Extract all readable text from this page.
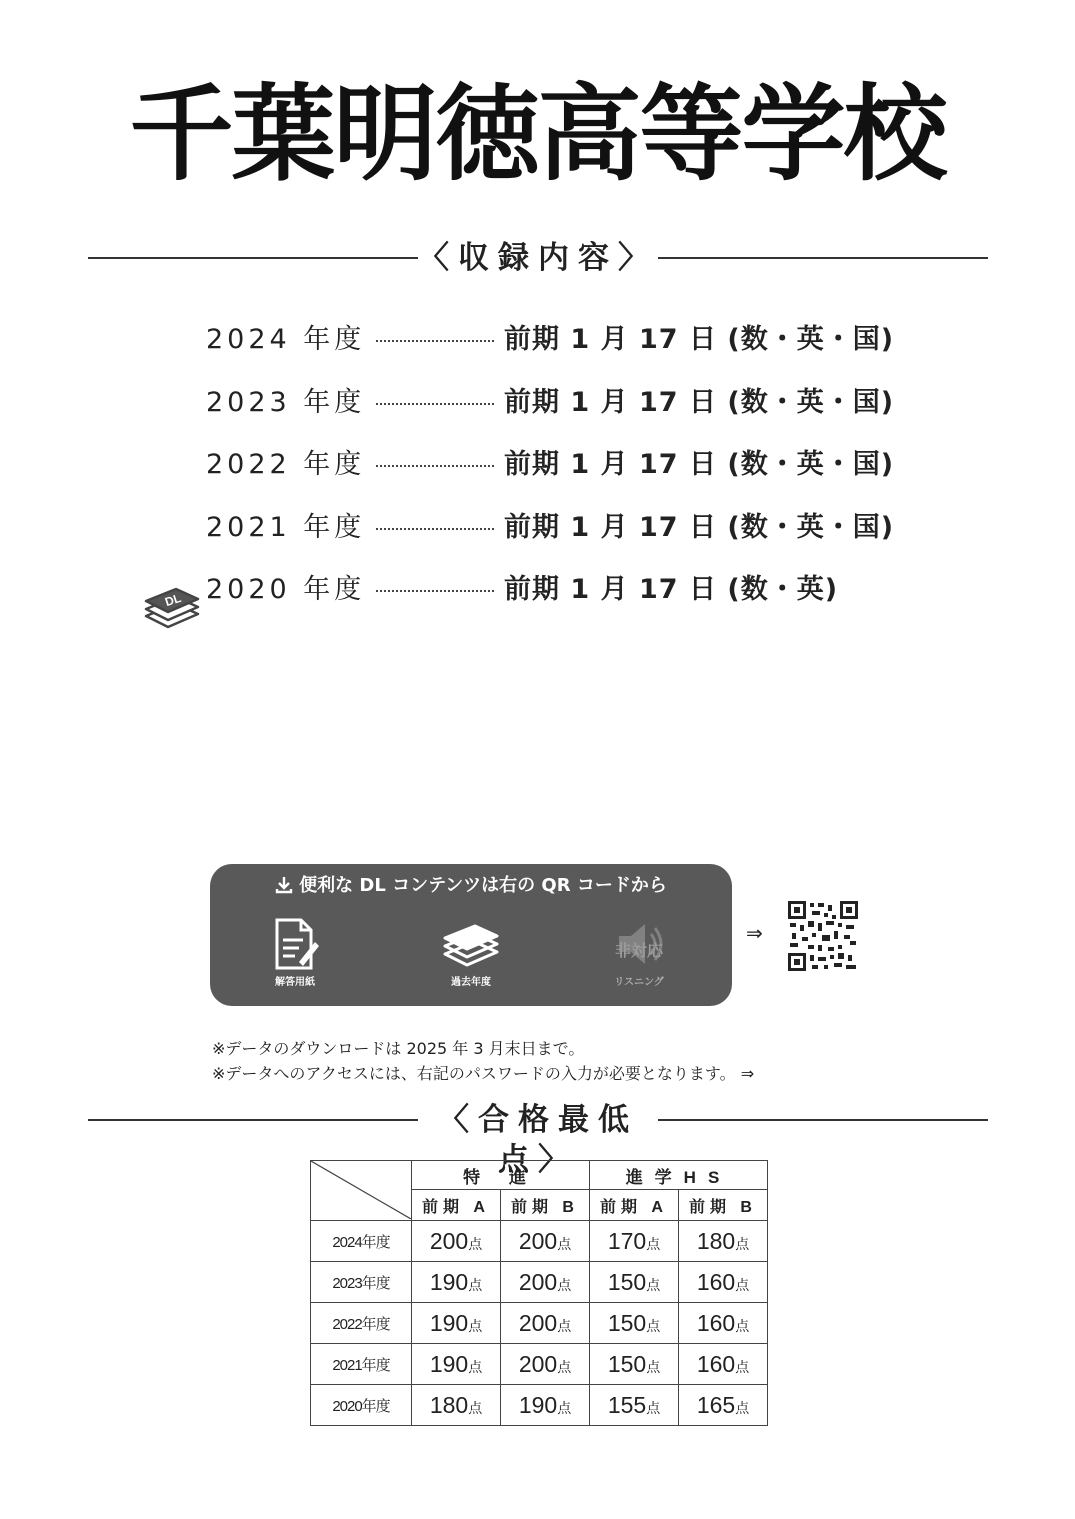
千葉明徳高等学校
〈収録内容〉
2024 年度	前期 1 月 17 日 (数・英・国)
2023 年度	前期 1 月 17 日 (数・英・国)
2022 年度	前期 1 月 17 日 (数・英・国)
2021 年度	前期 1 月 17 日 (数・英・国)
2020 年度	前期 1 月 17 日 (数・英)
DL
便利な DL コンテンツは右の QR コードから
解答用紙	過去年度
非対応
リスニング
⇒
※データのダウンロードは 2025 年 3 月末日まで。
※データへのアクセスには、右記のパスワードの入力が必要となります。 ⇒
〈合格最低点〉
	特 進		進学HS	
	前期 A	前期 B	前期 A	前期 B
2024年度	200点	200点	170点	180点
2023年度	190点	200点	150点	160点
2022年度	190点	200点	150点	160点
2021年度	190点	200点	150点	160点
2020年度	180点	190点	155点	165点
